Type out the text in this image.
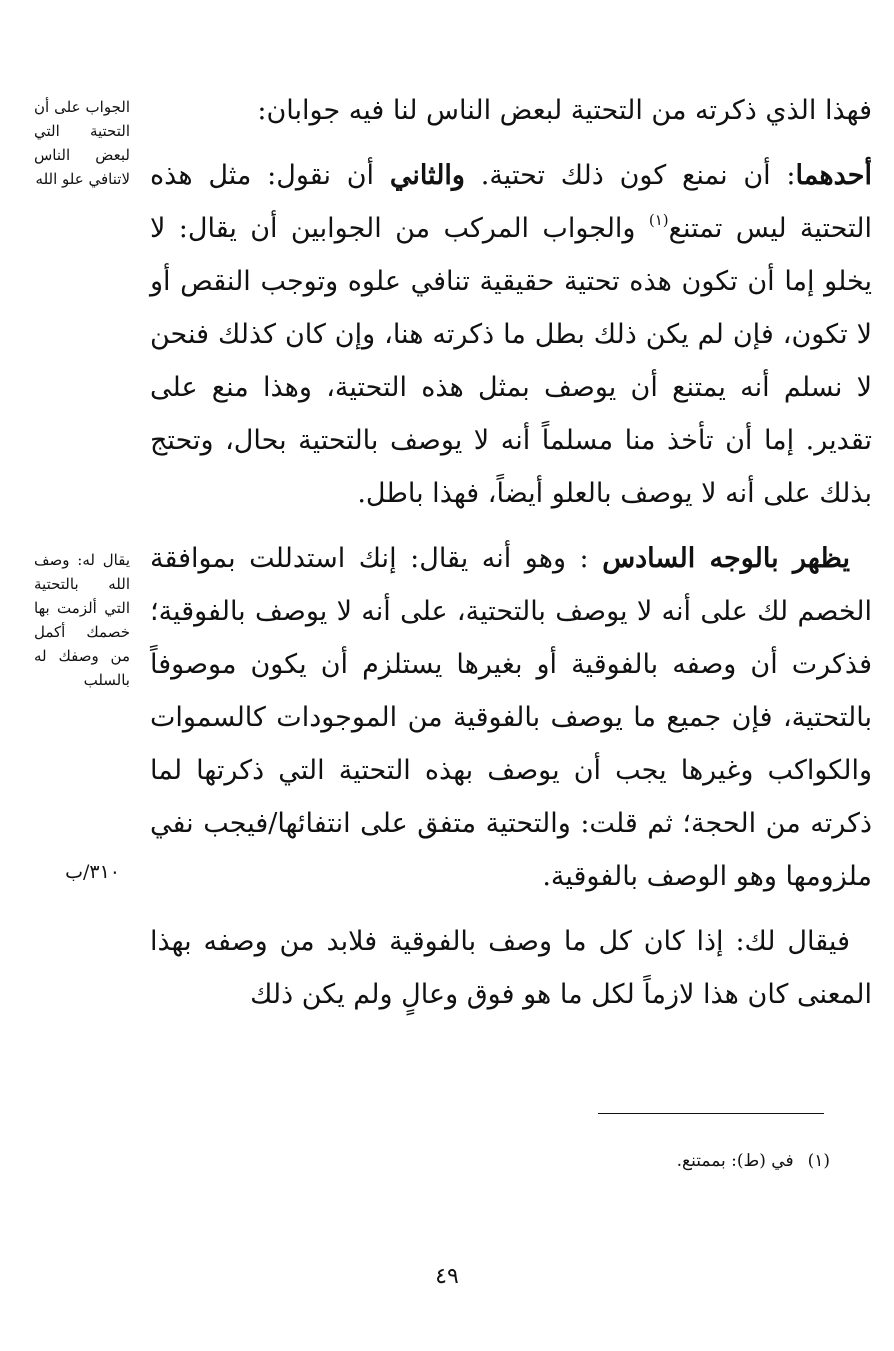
فهذا الذي ذكرته من التحتية لبعض الناس لنا فيه جوابان:

أحدهما: أن نمنع كون ذلك تحتية. والثاني أن نقول: مثل هذه التحتية ليس تمتنع$^{(١)}$ والجواب المركب من الجوابين أن يقال: لا يخلو إما أن تكون هذه تحتية حقيقية تنافي علوه وتوجب النقص أو لا تكون، فإن لم يكن ذلك بطل ما ذكرته هنا، وإن كان كذلك فنحن لا نسلم أنه يمتنع أن يوصف بمثل هذه التحتية، وهذا منع على تقدير. إما أن تأخذ منا مسلماً أنه لا يوصف بالتحتية بحال، وتحتج بذلك على أنه لا يوصف بالعلو أيضاً، فهذا باطل.

يظهر بالوجه السادس : وهو أنه يقال: إنك استدللت بموافقة الخصم لك على أنه لا يوصف بالتحتية، على أنه لا يوصف بالفوقية؛ فذكرت أن وصفه بالفوقية أو بغيرها يستلزم أن يكون موصوفاً بالتحتية، فإن جميع ما يوصف بالفوقية من الموجودات كالسموات والكواكب وغيرها يجب أن يوصف بهذه التحتية التي ذكرتها لما ذكرته من الحجة؛ ثم قلت: والتحتية متفق على انتفائها/فيجب نفي ملزومها وهو الوصف بالفوقية.

فيقال لك: إذا كان كل ما وصف بالفوقية فلابد من وصفه بهذا المعنى كان هذا لازماً لكل ما هو فوق وعالٍ ولم يكن ذلك

الجواب على أن التحتية التي لبعض الناس لاتنافي علو الله
يقال له: وصف الله بالتحتية التي ألزمت بها خصمك أكمل من وصفك له بالسلب
٣١٠/ب
(١)في (ط): بممتنع.
٤٩
